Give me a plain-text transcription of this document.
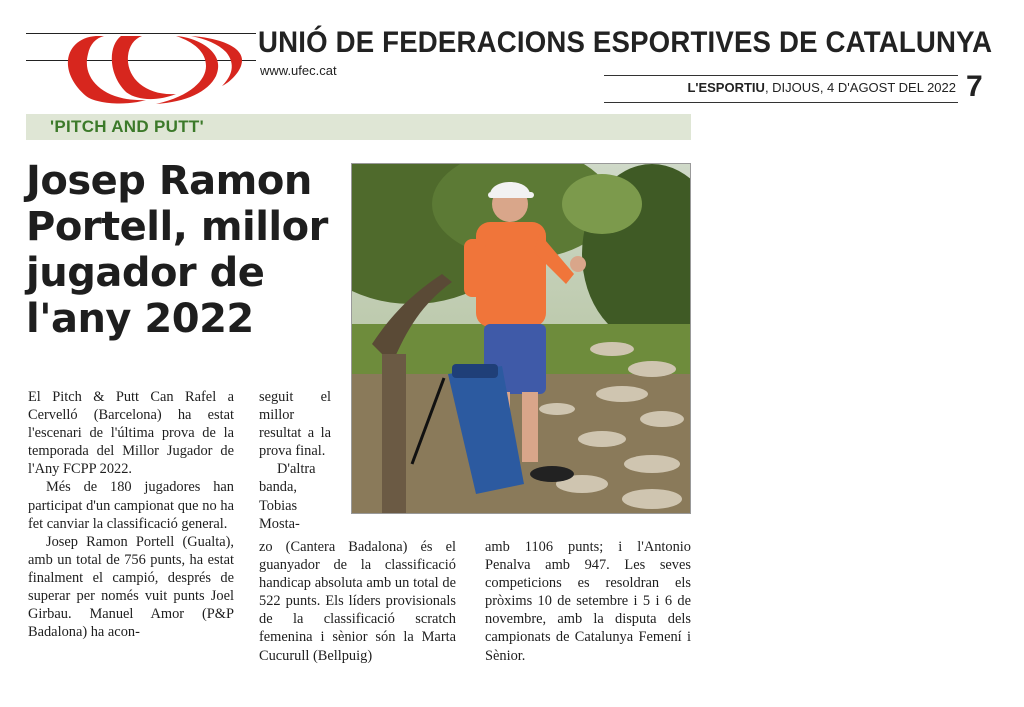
UNIÓ DE FEDERACIONS ESPORTIVES DE CATALUNYA
www.ufec.cat
L'ESPORTIU, DIJOUS, 4 D'AGOST DEL 2022 7
'PITCH AND PUTT'
Josep Ramon Portell, millor jugador de l'any 2022

El Pitch & Putt Can Rafel a Cervelló (Barcelona) ha estat l'escenari de l'última prova de la temporada del Millor Jugador de l'Any FCPP 2022.

Més de 180 jugadores han participat d'un campionat que no ha fet canviar la classificació general.

Josep Ramon Portell (Gualta), amb un total de 756 punts, ha estat finalment el campió, després de superar per només vuit punts Joel Girbau. Manuel Amor (P&P Badalona) ha acon-

seguit el millor resultat a la prova final.

D'altra banda, Tobias Mosta-

zo (Cantera Badalona) és el guanyador de la classificació handicap absoluta amb un total de 522 punts. Els líders provisionals de la classificació scratch femenina i sènior són la Marta Cucurull (Bellpuig)

amb 1106 punts; i l'Antonio Penalva amb 947. Les seves competicions es resoldran els pròxims 10 de setembre i 5 i 6 de novembre, amb la disputa dels campionats de Catalunya Femení i Sènior.
